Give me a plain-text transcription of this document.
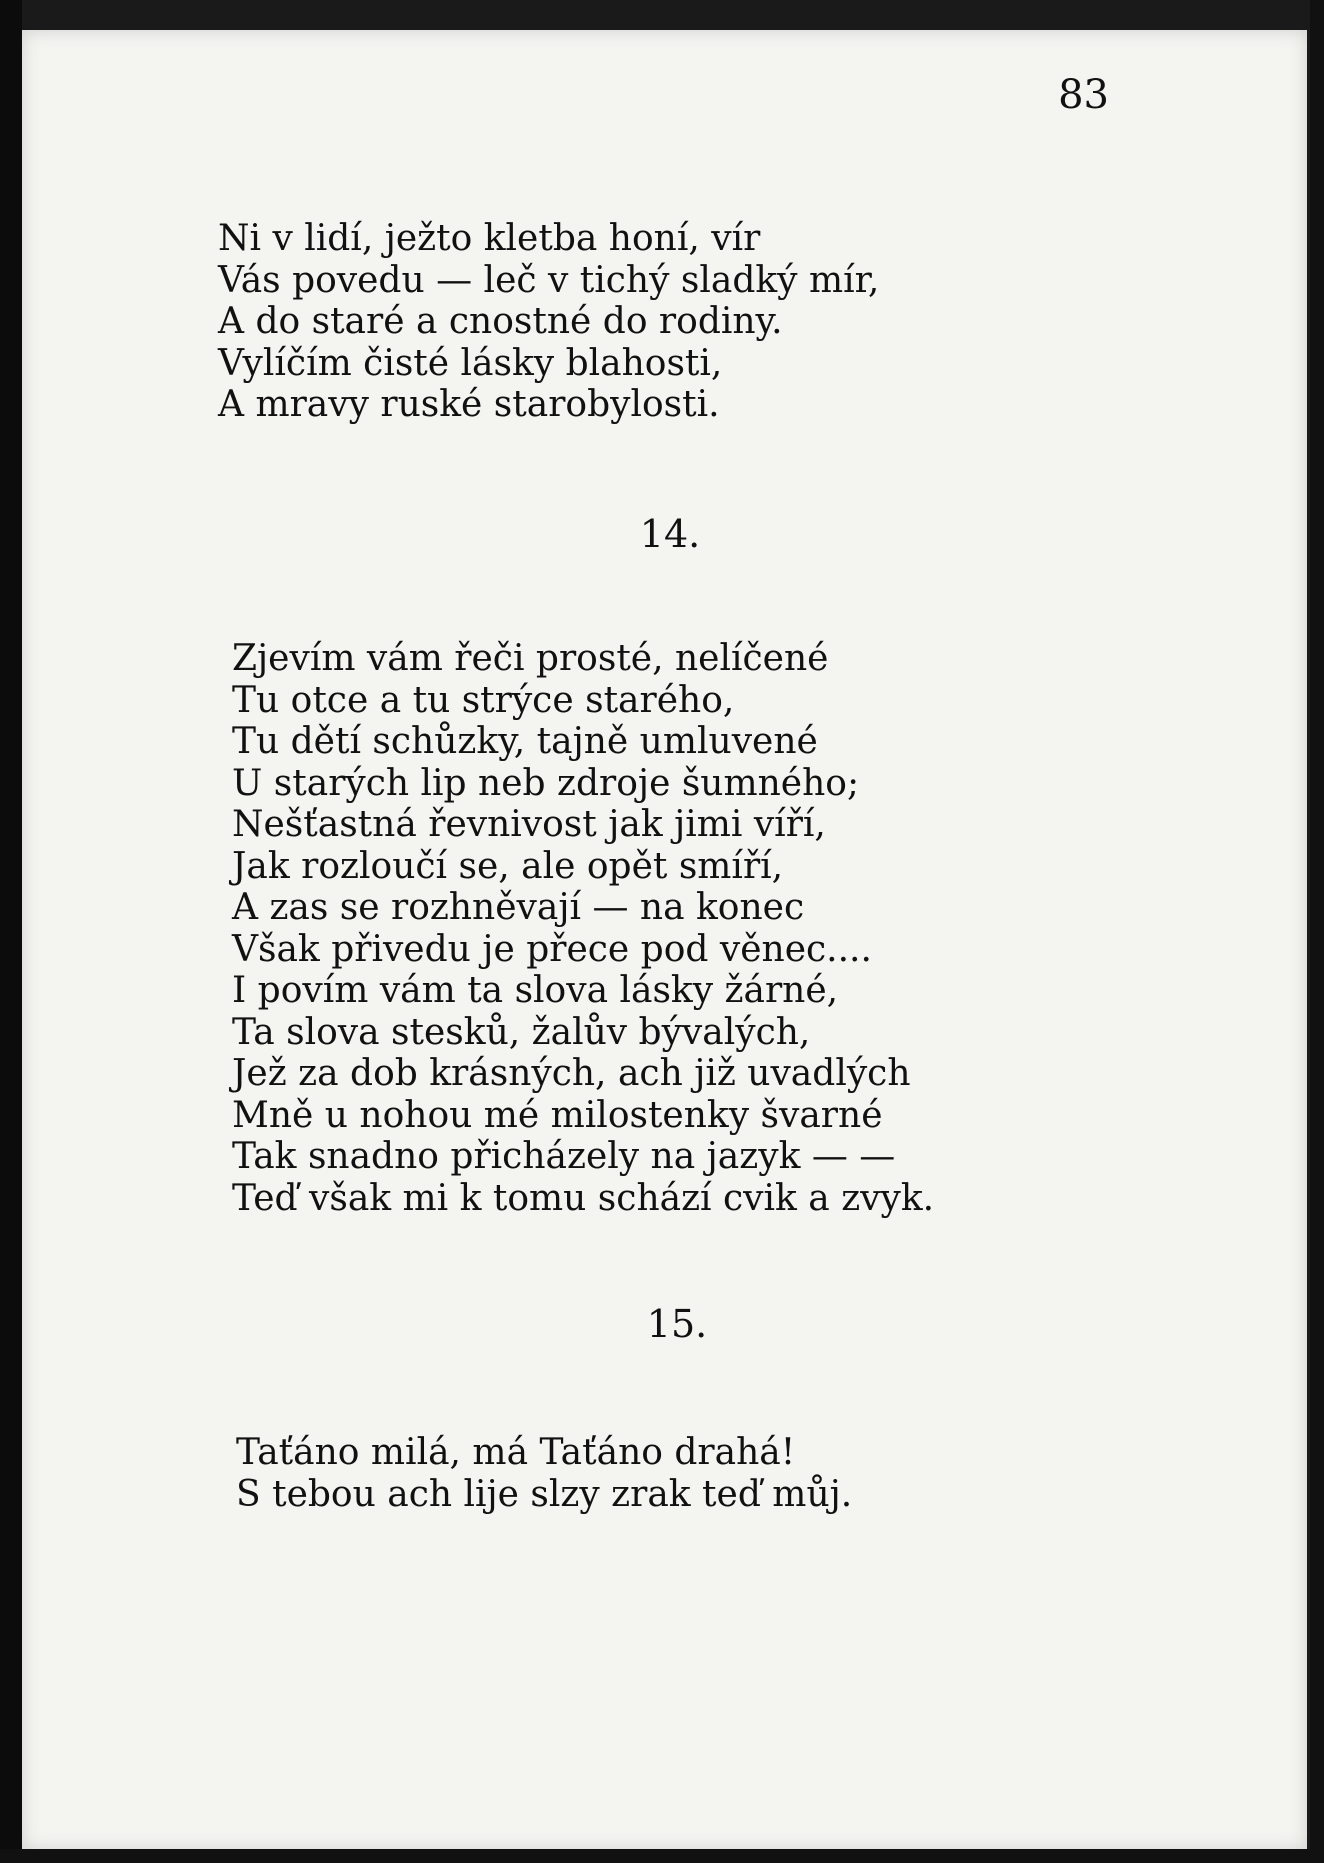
83
Ni v lidí, ježto kletba honí, vír
Vás povedu — leč v tichý sladký mír,
A do staré a cnostné do rodiny.
Vylíčím čisté lásky blahosti,
A mravy ruské starobylosti.
14.
Zjevím vám řeči prosté, nelíčené
Tu otce a tu strýce starého,
Tu dětí schůzky, tajně umluvené
U starých lip neb zdroje šumného;
Nešťastná řevnivost jak jimi víří,
Jak rozloučí se, ale opět smíří,
A zas se rozhněvají — na konec
Však přivedu je přece pod věnec....
I povím vám ta slova lásky žárné,
Ta slova stesků, žalův bývalých,
Jež za dob krásných, ach již uvadlých
Mně u nohou mé milostenky švarné
Tak snadno přicházely na jazyk — —
Teď však mi k tomu schází cvik a zvyk.
15.
Taťáno milá, má Taťáno drahá!
S tebou ach lije slzy zrak teď můj.
